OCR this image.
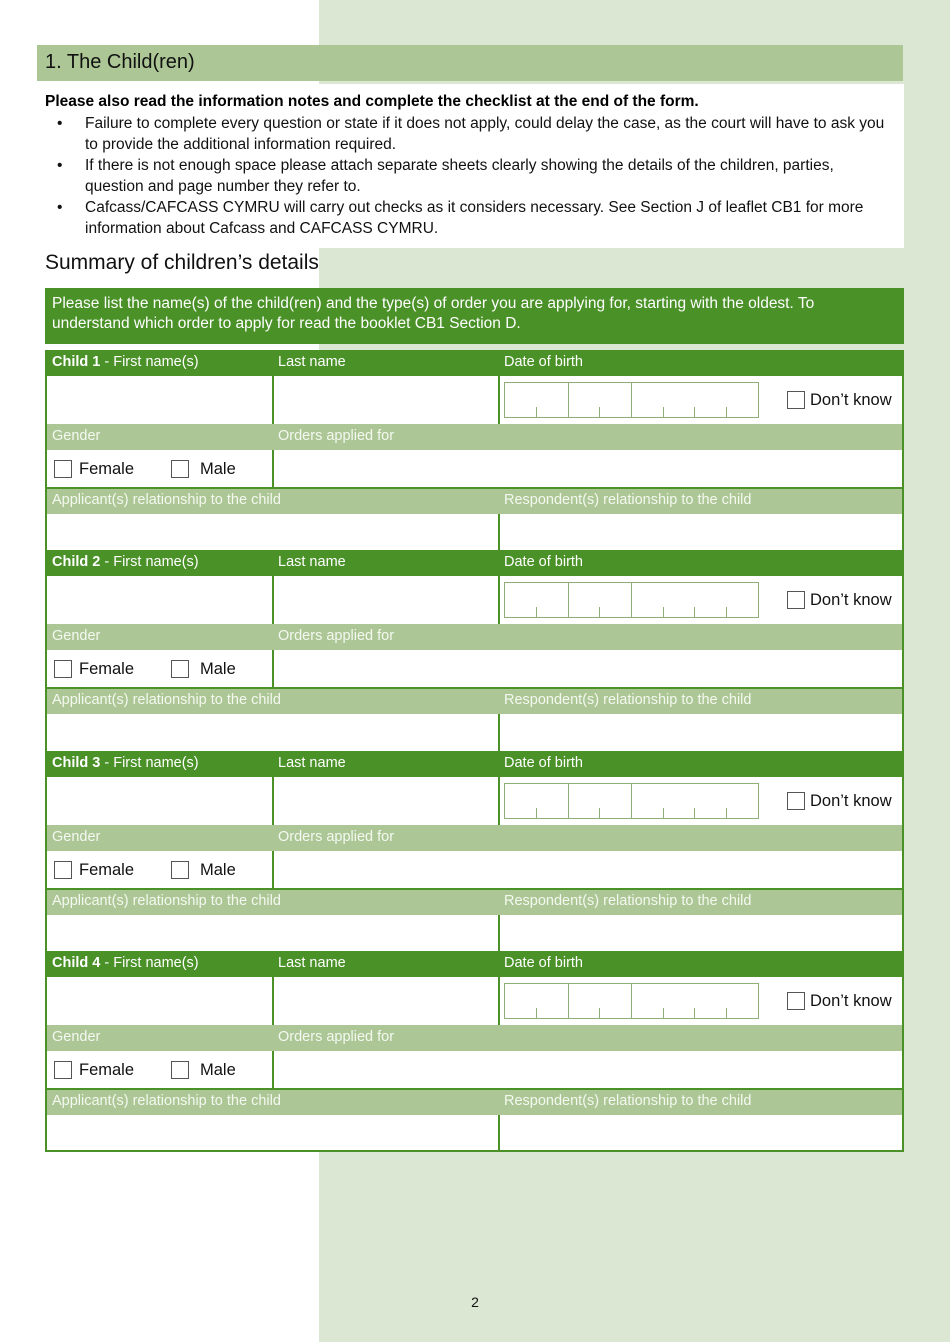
1. The Child(ren)
Please also read the information notes and complete the checklist at the end of the form.
• Failure to complete every question or state if it does not apply, could delay the case, as the court will have to ask you to provide the additional information required.
• If there is not enough space please attach separate sheets clearly showing the details of the children, parties, question and page number they refer to.
• Cafcass/CAFCASS CYMRU will carry out checks as it considers necessary. See Section J of leaflet CB1 for more information about Cafcass and CAFCASS CYMRU.
Summary of children’s details
Please list the name(s) of the child(ren) and the type(s) of order you are applying for, starting with the oldest. To understand which order to apply for read the booklet CB1 Section D.
Child 1 - First name(s)	Last name	Date of birth
Don’t know
Gender	Orders applied for
Female	Male
Applicant(s) relationship to the child	Respondent(s) relationship to the child
Child 2 - First name(s)	Last name	Date of birth
Don’t know
Gender	Orders applied for
Female	Male
Applicant(s) relationship to the child	Respondent(s) relationship to the child
Child 3 - First name(s)	Last name	Date of birth
Don’t know
Gender	Orders applied for
Female	Male
Applicant(s) relationship to the child	Respondent(s) relationship to the child
Child 4 - First name(s)	Last name	Date of birth
Don’t know
Gender	Orders applied for
Female	Male
Applicant(s) relationship to the child	Respondent(s) relationship to the child
2
